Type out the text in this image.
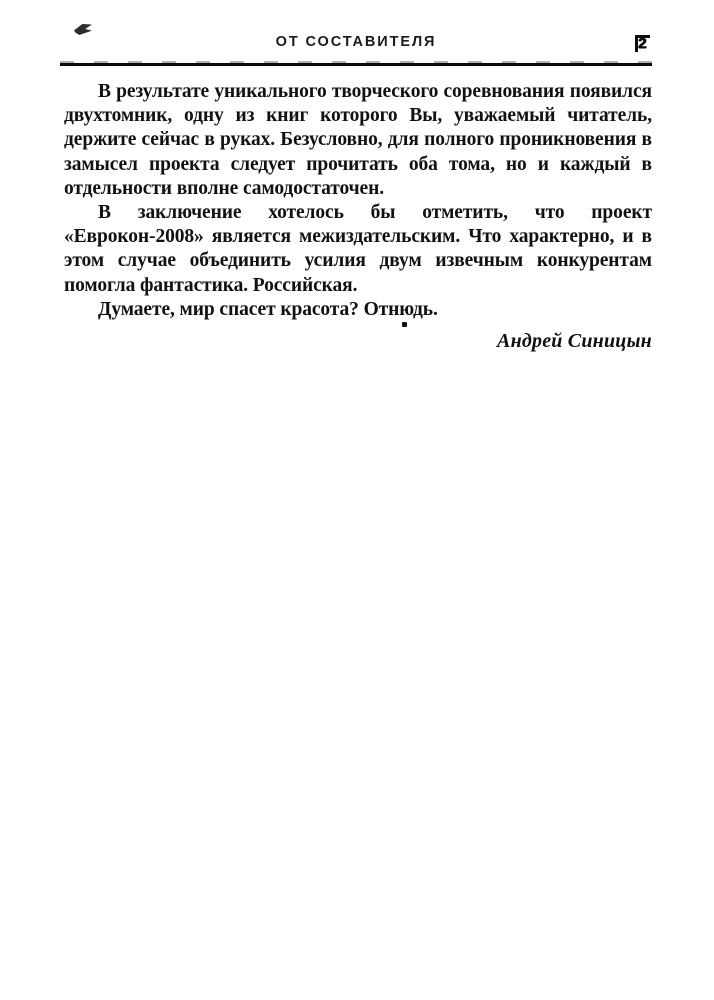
ОТ СОСТАВИТЕЛЯ	2

В результате уникального творческого соревнования появился двухтомник, одну из книг которого Вы, уважаемый читатель, держите сейчас в руках. Безусловно, для полного проникновения в замысел проекта следует прочитать оба тома, но и каждый в отдельности вполне самодостаточен.

В заключение хотелось бы отметить, что проект «Еврокон-2008» является межиздательским. Что характерно, и в этом случае объединить усилия двум извечным конкурентам помогла фантастика. Российская.

Думаете, мир спасет красота? Отнюдь.

Андрей Синицын
